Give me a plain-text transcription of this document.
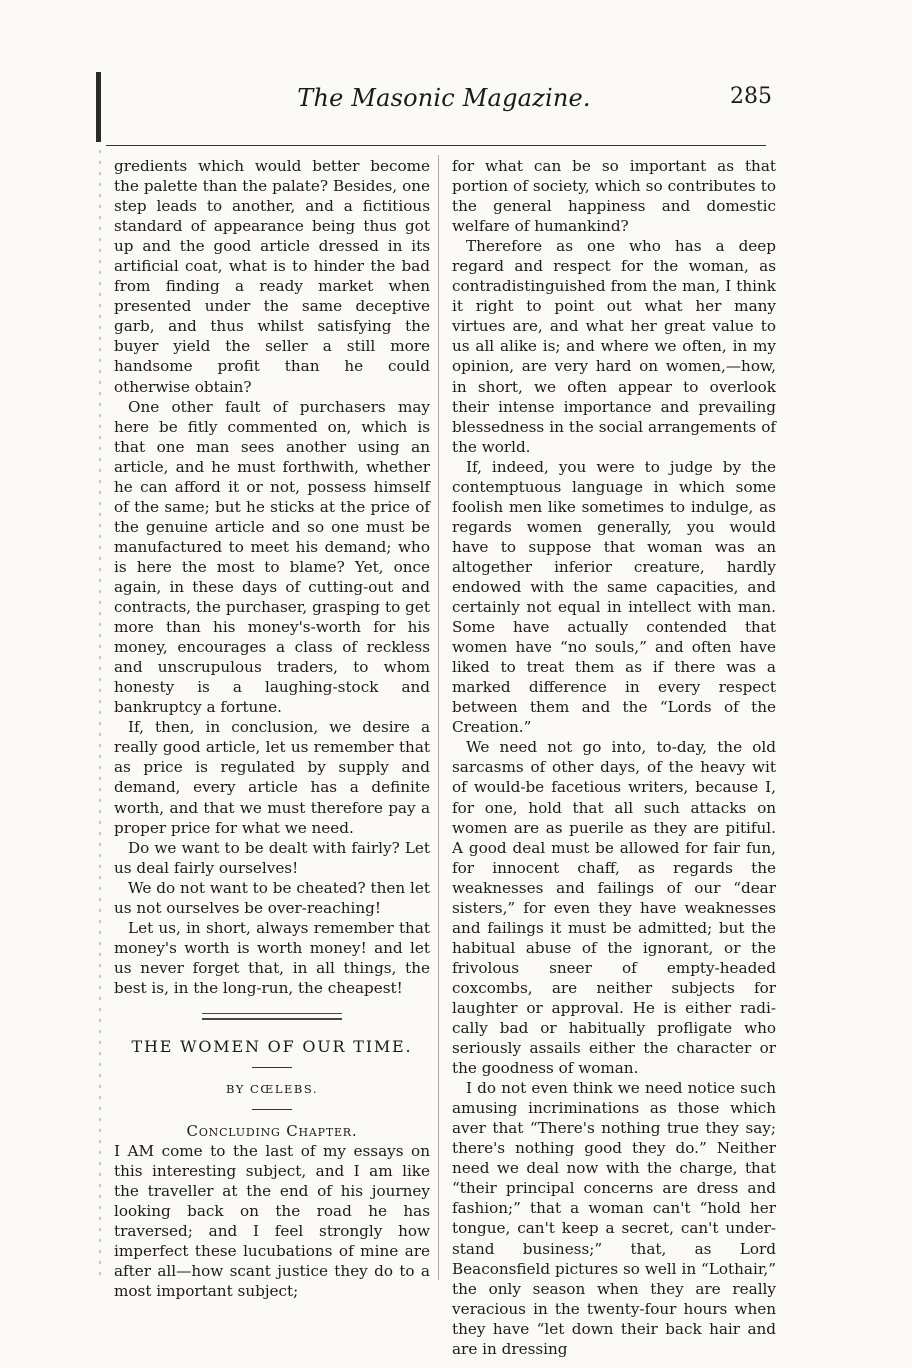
The Masonic Magazine.	285

gredients which would better become the palette than the palate? Besides, one step leads to another, and a fictitious standard of appearance being thus got up and the good article dressed in its artificial coat, what is to hinder the bad from finding a ready market when presented under the same deceptive garb, and thus whilst satisfying the buyer yield the seller a still more handsome profit than he could otherwise obtain?

One other fault of purchasers may here be fitly commented on, which is that one man sees another using an article, and he must forthwith, whether he can afford it or not, possess himself of the same; but he sticks at the price of the genuine article and so one must be manufactured to meet his demand; who is here the most to blame? Yet, once again, in these days of cutting-out and contracts, the purchaser, grasping to get more than his money's-worth for his money, encourages a class of reckless and unscrupulous traders, to whom honesty is a laughing-stock and bankruptcy a fortune.

If, then, in conclusion, we desire a really good article, let us remember that as price is regulated by supply and demand, every article has a definite worth, and that we must therefore pay a proper price for what we need.

Do we want to be dealt with fairly? Let us deal fairly ourselves!

We do not want to be cheated? then let us not ourselves be over-reaching!

Let us, in short, always remember that money's worth is worth money! and let us never forget that, in all things, the best is, in the long-run, the cheapest!

THE WOMEN OF OUR TIME.

BY CŒLEBS.

Concluding Chapter.

I AM come to the last of my essays on this interesting subject, and I am like the traveller at the end of his journey looking back on the road he has traversed; and I feel strongly how imperfect these lucubations of mine are after all—how scant justice they do to a most important subject;

for what can be so important as that portion of society, which so contributes to the general happiness and domestic welfare of humankind?

Therefore as one who has a deep regard and respect for the woman, as contradistinguished from the man, I think it right to point out what her many virtues are, and what her great value to us all alike is; and where we often, in my opinion, are very hard on women,—how, in short, we often appear to overlook their intense importance and prevailing blessedness in the social arrangements of the world.

If, indeed, you were to judge by the contemptuous language in which some foolish men like sometimes to indulge, as regards women generally, you would have to suppose that woman was an altogether inferior creature, hardly endowed with the same capacities, and certainly not equal in intellect with man. Some have actually contended that women have “no souls,” and often have liked to treat them as if there was a marked difference in every respect between them and the “Lords of the Creation.”

We need not go into, to-day, the old sarcasms of other days, of the heavy wit of would-be facetious writers, because I, for one, hold that all such attacks on women are as puerile as they are pitiful. A good deal must be allowed for fair fun, for innocent chaff, as regards the weaknesses and failings of our “dear sisters,” for even they have weaknesses and failings it must be admitted; but the habitual abuse of the ignorant, or the frivolous sneer of empty-headed coxcombs, are neither subjects for laughter or approval. He is either radically bad or habitually profligate who seriously assails either the character or the goodness of woman.

I do not even think we need notice such amusing incriminations as those which aver that “There's nothing true they say; there's nothing good they do.” Neither need we deal now with the charge, that “their principal concerns are dress and fashion;” that a woman can't “hold her tongue, can't keep a secret, can't understand business;” that, as Lord Beaconsfield pictures so well in “Lothair,” the only season when they are really veracious in the twenty-four hours when they have “let down their back hair and are in dressing
